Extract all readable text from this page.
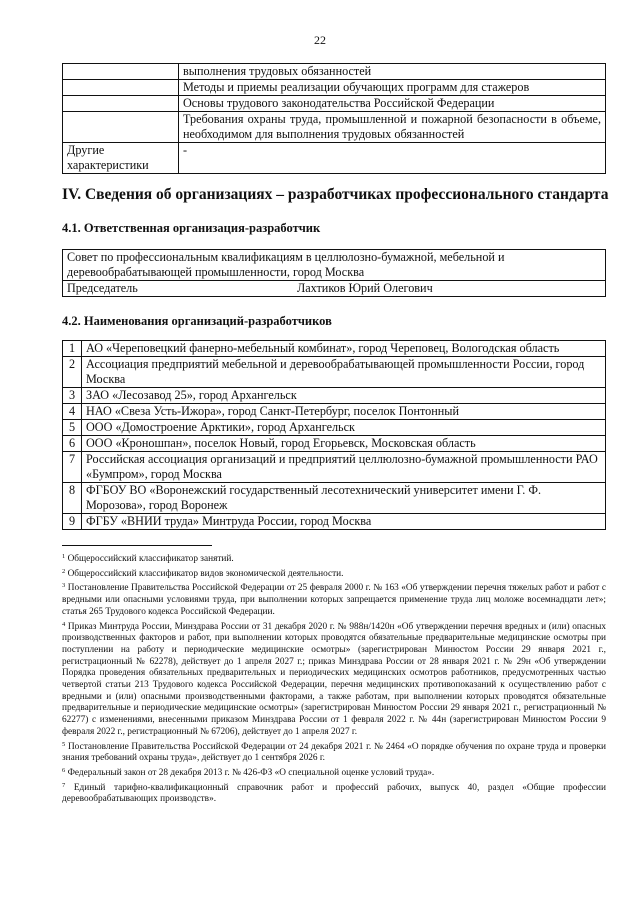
22
	выполнения трудовых обязанностей
	Методы и приемы реализации обучающих программ для стажеров
	Основы трудового законодательства Российской Федерации
	Требования охраны труда, промышленной и пожарной безопасности в объеме, необходимом для выполнения трудовых обязанностей
Другие характеристики	-
IV. Сведения об организациях – разработчиках профессионального стандарта
4.1. Ответственная организация-разработчик
Совет по профессиональным квалификациям в целлюлозно-бумажной, мебельной и деревообрабатывающей промышленности, город Москва
Председатель	Лахтиков Юрий Олегович
4.2. Наименования организаций-разработчиков
1	АО «Череповецкий фанерно-мебельный комбинат», город Череповец, Вологодская область
2	Ассоциация предприятий мебельной и деревообрабатывающей промышленности России, город Москва
3	ЗАО «Лесозавод 25», город Архангельск
4	НАО «Свеза Усть-Ижора», город Санкт-Петербург, поселок Понтонный
5	ООО «Домостроение Арктики», город Архангельск
6	ООО «Кроношпан», поселок Новый, город Егорьевск, Московская область
7	Российская ассоциация организаций и предприятий целлюлозно-бумажной промышленности РАО «Бумпром», город Москва
8	ФГБОУ ВО «Воронежский государственный лесотехнический университет имени Г. Ф. Морозова», город Воронеж
9	ФГБУ «ВНИИ труда» Минтруда России, город Москва

$^1$ Общероссийский классификатор занятий.

$^2$ Общероссийский классификатор видов экономической деятельности.

$^3$ Постановление Правительства Российской Федерации от 25 февраля 2000 г. № 163 «Об утверждении перечня тяжелых работ и работ с вредными или опасными условиями труда, при выполнении которых запрещается применение труда лиц моложе восемнадцати лет»; статья 265 Трудового кодекса Российской Федерации.

$^4$ Приказ Минтруда России, Минздрава России от 31 декабря 2020 г. № 988н/1420н «Об утверждении перечня вредных и (или) опасных производственных факторов и работ, при выполнении которых проводятся обязательные предварительные медицинские осмотры при поступлении на работу и периодические медицинские осмотры» (зарегистрирован Минюстом России 29 января 2021 г., регистрационный № 62278), действует до 1 апреля 2027 г.; приказ Минздрава России от 28 января 2021 г. № 29н «Об утверждении Порядка проведения обязательных предварительных и периодических медицинских осмотров работников, предусмотренных частью четвертой статьи 213 Трудового кодекса Российской Федерации, перечня медицинских противопоказаний к осуществлению работ с вредными и (или) опасными производственными факторами, а также работам, при выполнении которых проводятся обязательные предварительные и периодические медицинские осмотры» (зарегистрирован Минюстом России 29 января 2021 г., регистрационный № 62277) с изменениями, внесенными приказом Минздрава России от 1 февраля 2022 г. № 44н (зарегистрирован Минюстом России 9 февраля 2022 г., регистрационный № 67206), действует до 1 апреля 2027 г.

$^5$ Постановление Правительства Российской Федерации от 24 декабря 2021 г. № 2464 «О порядке обучения по охране труда и проверки знания требований охраны труда», действует до 1 сентября 2026 г.

$^6$ Федеральный закон от 28 декабря 2013 г. № 426-ФЗ «О специальной оценке условий труда».

$^7$ Единый тарифно-квалификационный справочник работ и профессий рабочих, выпуск 40, раздел «Общие профессии деревообрабатывающих производств».
